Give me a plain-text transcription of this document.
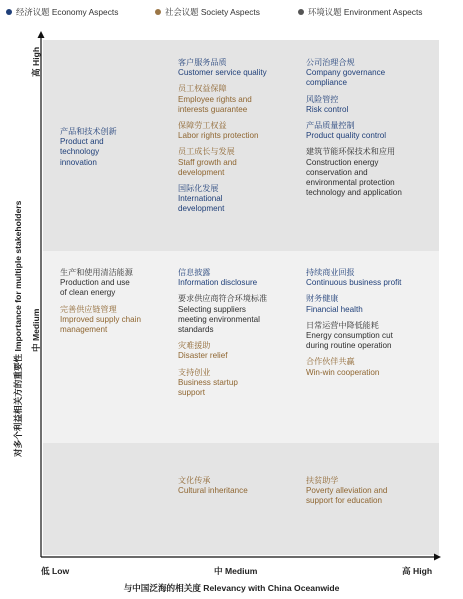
经济议题 Economy Aspects	社会议题 Society Aspects	环境议题 Environment Aspects
产品和技术创新
Product and
technology
innovation
客户服务品质
Customer service quality
员工权益保障
Employee rights and
interests guarantee
保障劳工权益
Labor rights protection
员工成长与发展
Staff growth and
development
国际化发展
International
development
公司治理合规
Company governance
compliance
风险管控
Risk control
产品质量控制
Product quality control
建筑节能环保技术和应用
Construction energy
conservation and
environmental protection
technology and application
生产和使用清洁能源
Production and use
of clean energy
完善供应链管理
Improved supply chain
management
信息披露
Information disclosure
要求供应商符合环境标准
Selecting suppliers
meeting environmental
standards
灾难援助
Disaster relief
支持创业
Business startup
support
持续商业回报
Continuous business profit
财务健康
Financial health
日常运营中降低能耗
Energy consumption cut
during routine operation
合作伙伴共赢
Win-win cooperation
文化传承
Cultural inheritance
扶贫助学
Poverty alleviation and
support for education
高 High
中 Medium
对多个利益相关方的重要性 Importance for multiple stakeholders
低 Low	中 Medium	高 High
与中国泛海的相关度 Relevancy with China Oceanwide
